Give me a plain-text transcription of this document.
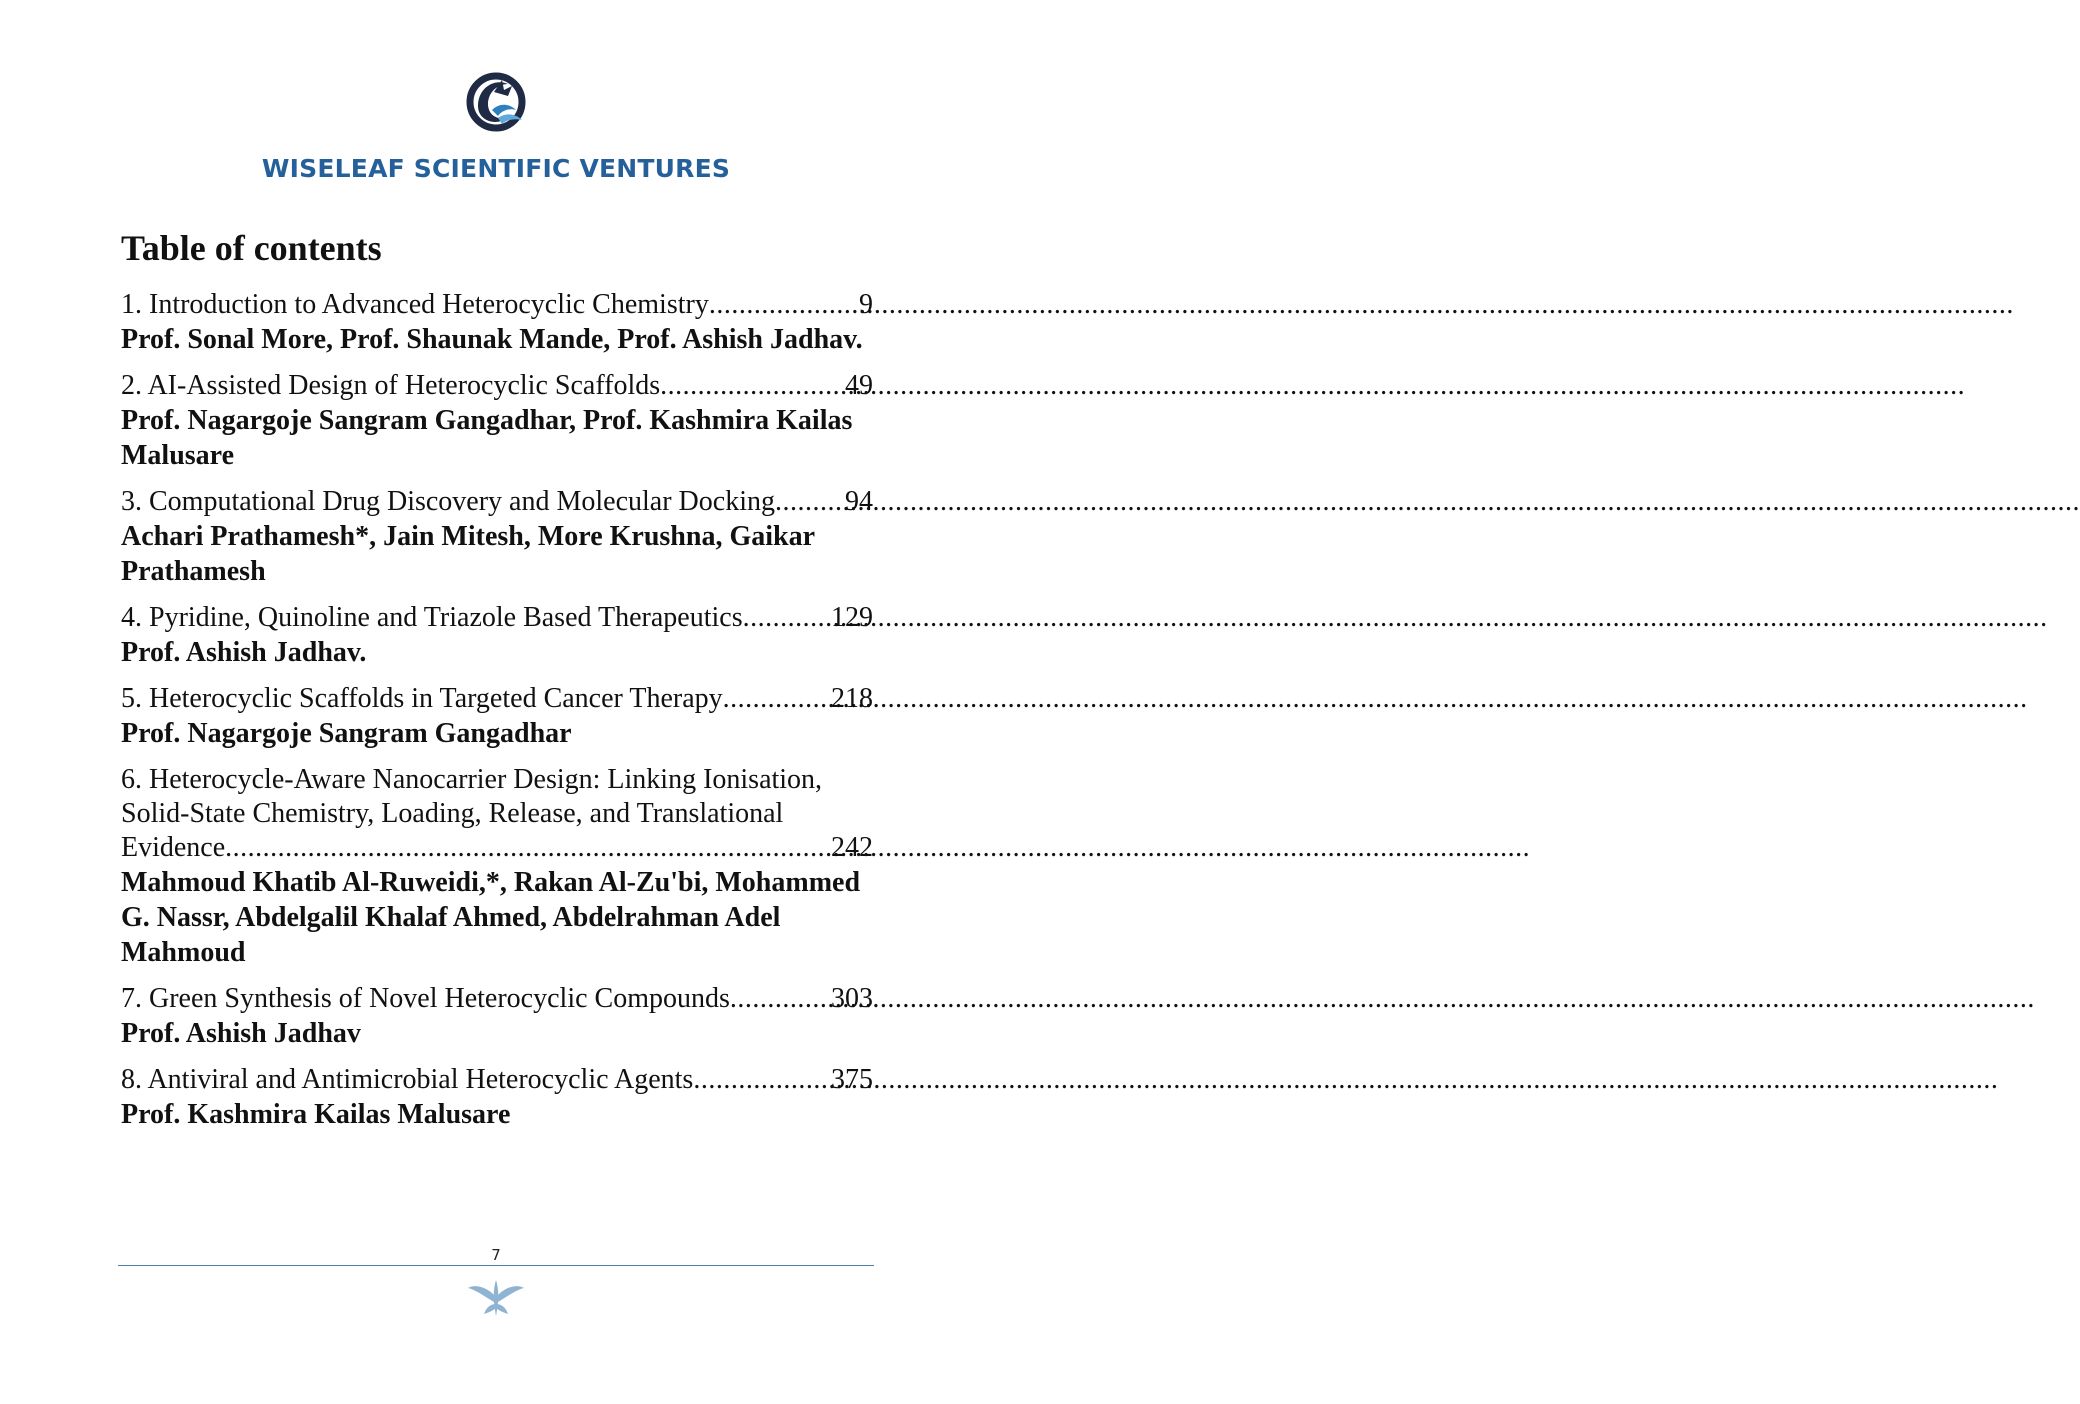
WISELEAF SCIENTIFIC VENTURES
Table of contents
1. Introduction to Advanced Heterocyclic Chemistry .....	9
Prof. Sonal More, Prof. Shaunak Mande, Prof. Ashish Jadhav.
2. AI-Assisted Design of Heterocyclic Scaffolds .....	49
Prof. Nagargoje Sangram Gangadhar, Prof. Kashmira Kailas Malusare
3. Computational Drug Discovery and Molecular Docking .....	94
Achari Prathamesh*, Jain Mitesh, More Krushna, Gaikar Prathamesh
4. Pyridine, Quinoline and Triazole Based Therapeutics .....	129
Prof. Ashish Jadhav.
5. Heterocyclic Scaffolds in Targeted Cancer Therapy .....	218
Prof. Nagargoje Sangram Gangadhar
6. Heterocycle-Aware Nanocarrier Design: Linking Ionisation,
Solid-State Chemistry, Loading, Release, and Translational
Evidence .....	242
Mahmoud Khatib Al-Ruweidi,*, Rakan Al-Zu'bi, Mohammed G. Nassr, Abdelgalil Khalaf Ahmed, Abdelrahman Adel Mahmoud
7. Green Synthesis of Novel Heterocyclic Compounds .....	303
Prof. Ashish Jadhav
8. Antiviral and Antimicrobial Heterocyclic Agents .....	375
Prof. Kashmira Kailas Malusare
7
